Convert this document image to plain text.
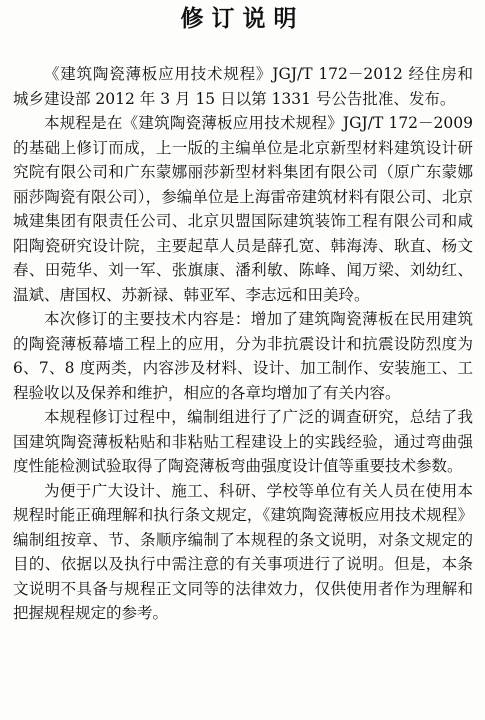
修订说明

《建筑陶瓷薄板应用技术规程》JGJ/T 172－2012 经住房和城乡建设部 2012 年 3 月 15 日以第 1331 号公告批准、发布。

本规程是在《建筑陶瓷薄板应用技术规程》JGJ/T 172－2009 的基础上修订而成，上一版的主编单位是北京新型材料建筑设计研究院有限公司和广东蒙娜丽莎新型材料集团有限公司（原广东蒙娜丽莎陶瓷有限公司），参编单位是上海雷帝建筑材料有限公司、北京城建集团有限责任公司、北京贝盟国际建筑装饰工程有限公司和咸阳陶瓷研究设计院，主要起草人员是薛孔宽、韩海涛、耿直、杨文春、田菀华、刘一军、张旗康、潘利敏、陈峰、闻万梁、刘幼红、温斌、唐国权、苏新禄、韩亚军、李志远和田美玲。

本次修订的主要技术内容是：增加了建筑陶瓷薄板在民用建筑的陶瓷薄板幕墙工程上的应用，分为非抗震设计和抗震设防烈度为 6、7、8 度两类，内容涉及材料、设计、加工制作、安装施工、工程验收以及保养和维护，相应的各章均增加了有关内容。

本规程修订过程中，编制组进行了广泛的调查研究，总结了我国建筑陶瓷薄板粘贴和非粘贴工程建设上的实践经验，通过弯曲强度性能检测试验取得了陶瓷薄板弯曲强度设计值等重要技术参数。

为便于广大设计、施工、科研、学校等单位有关人员在使用本规程时能正确理解和执行条文规定，《建筑陶瓷薄板应用技术规程》编制组按章、节、条顺序编制了本规程的条文说明，对条文规定的目的、依据以及执行中需注意的有关事项进行了说明。但是，本条文说明不具备与规程正文同等的法律效力，仅供使用者作为理解和把握规程规定的参考。
